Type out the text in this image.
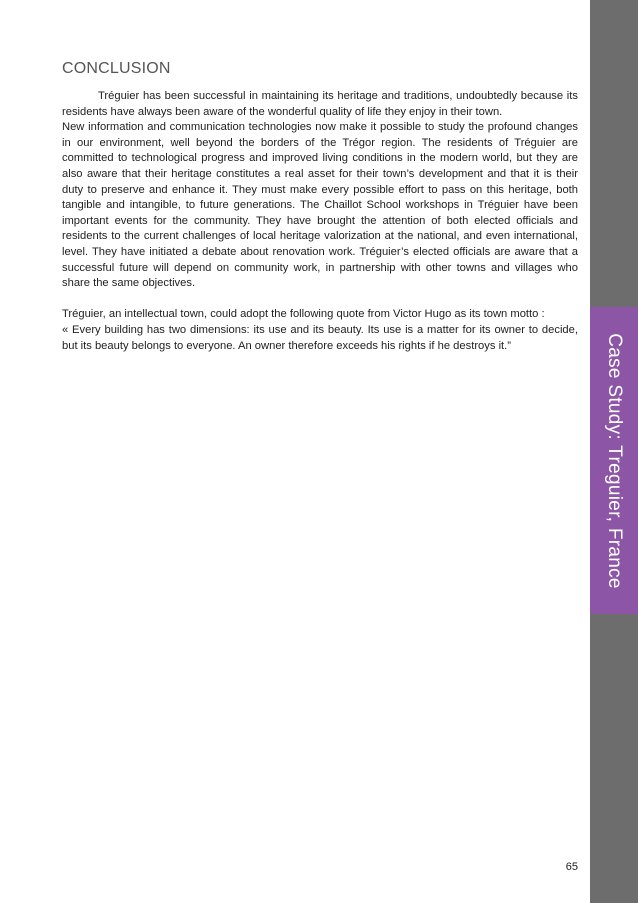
CONCLUSION

Tréguier has been successful in maintaining its heritage and traditions, undoubtedly because its residents have always been aware of the wonderful quality of life they enjoy in their town.

New information and communication technologies now make it possible to study the profound changes in our environment, well beyond the borders of the Trégor region. The residents of Tréguier are committed to technological progress and improved living conditions in the modern world, but they are also aware that their heritage constitutes a real asset for their town’s development and that it is their duty to preserve and enhance it. They must make every possible effort to pass on this heritage, both tangible and intangible, to future generations. The Chaillot School workshops in Tréguier have been important events for the community. They have brought the attention of both elected officials and residents to the current challenges of local heritage valorization at the national, and even international, level. They have initiated a debate about renovation work. Tréguier’s elected officials are aware that a successful future will depend on community work, in partnership with other towns and villages who share the same objectives.

Tréguier, an intellectual town, could adopt the following quote from Victor Hugo as its town motto :

« Every building has two dimensions: its use and its beauty. Its use is a matter for its owner to decide, but its beauty belongs to everyone. An owner therefore exceeds his rights if he destroys it.”	Case Study: Treguier, France
65
